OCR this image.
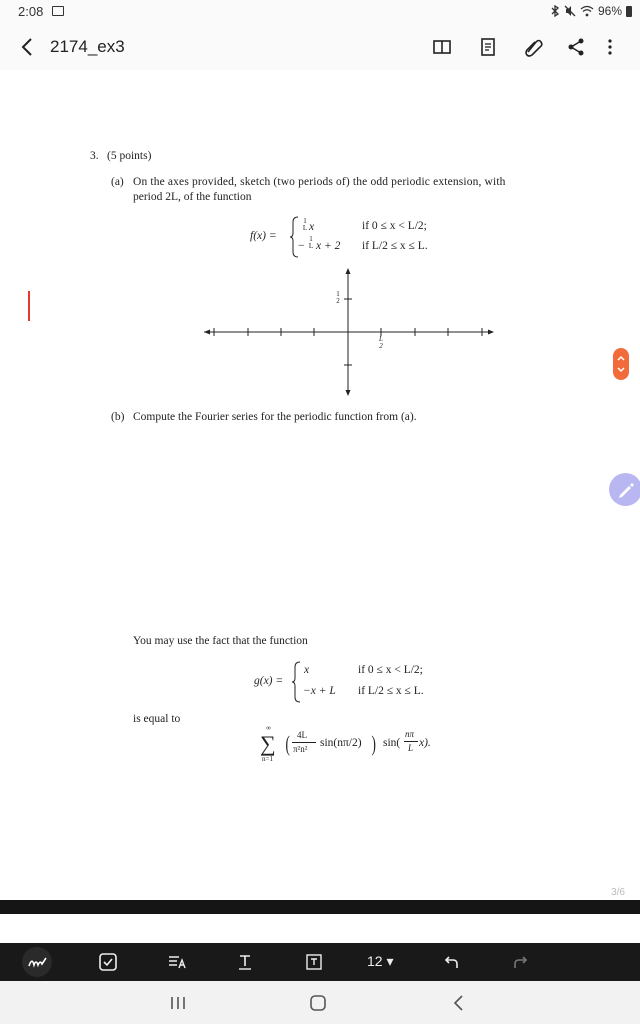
2:08	96%
2174_ex3
3. (5 points)
(a) On the axes provided, sketch (two periods of) the odd periodic extension, with
period 2L, of the function
f(x) =
1
L x	if 0 ≤ x < L/2;
−
1
L x + 2 if L/2 ≤ x ≤ L.
1
2
L
2
(b) Compute the Fourier series for the periodic function from (a).
You may use the fact that the function
g(x) =
x	if 0 ≤ x < L/2;
−x + L if L/2 ≤ x ≤ L.
is equal to
∞
∑
n=1
( 4L
π²n² sin(nπ/2) ) sin(
nπ
L x).
3/6
12 ▾
